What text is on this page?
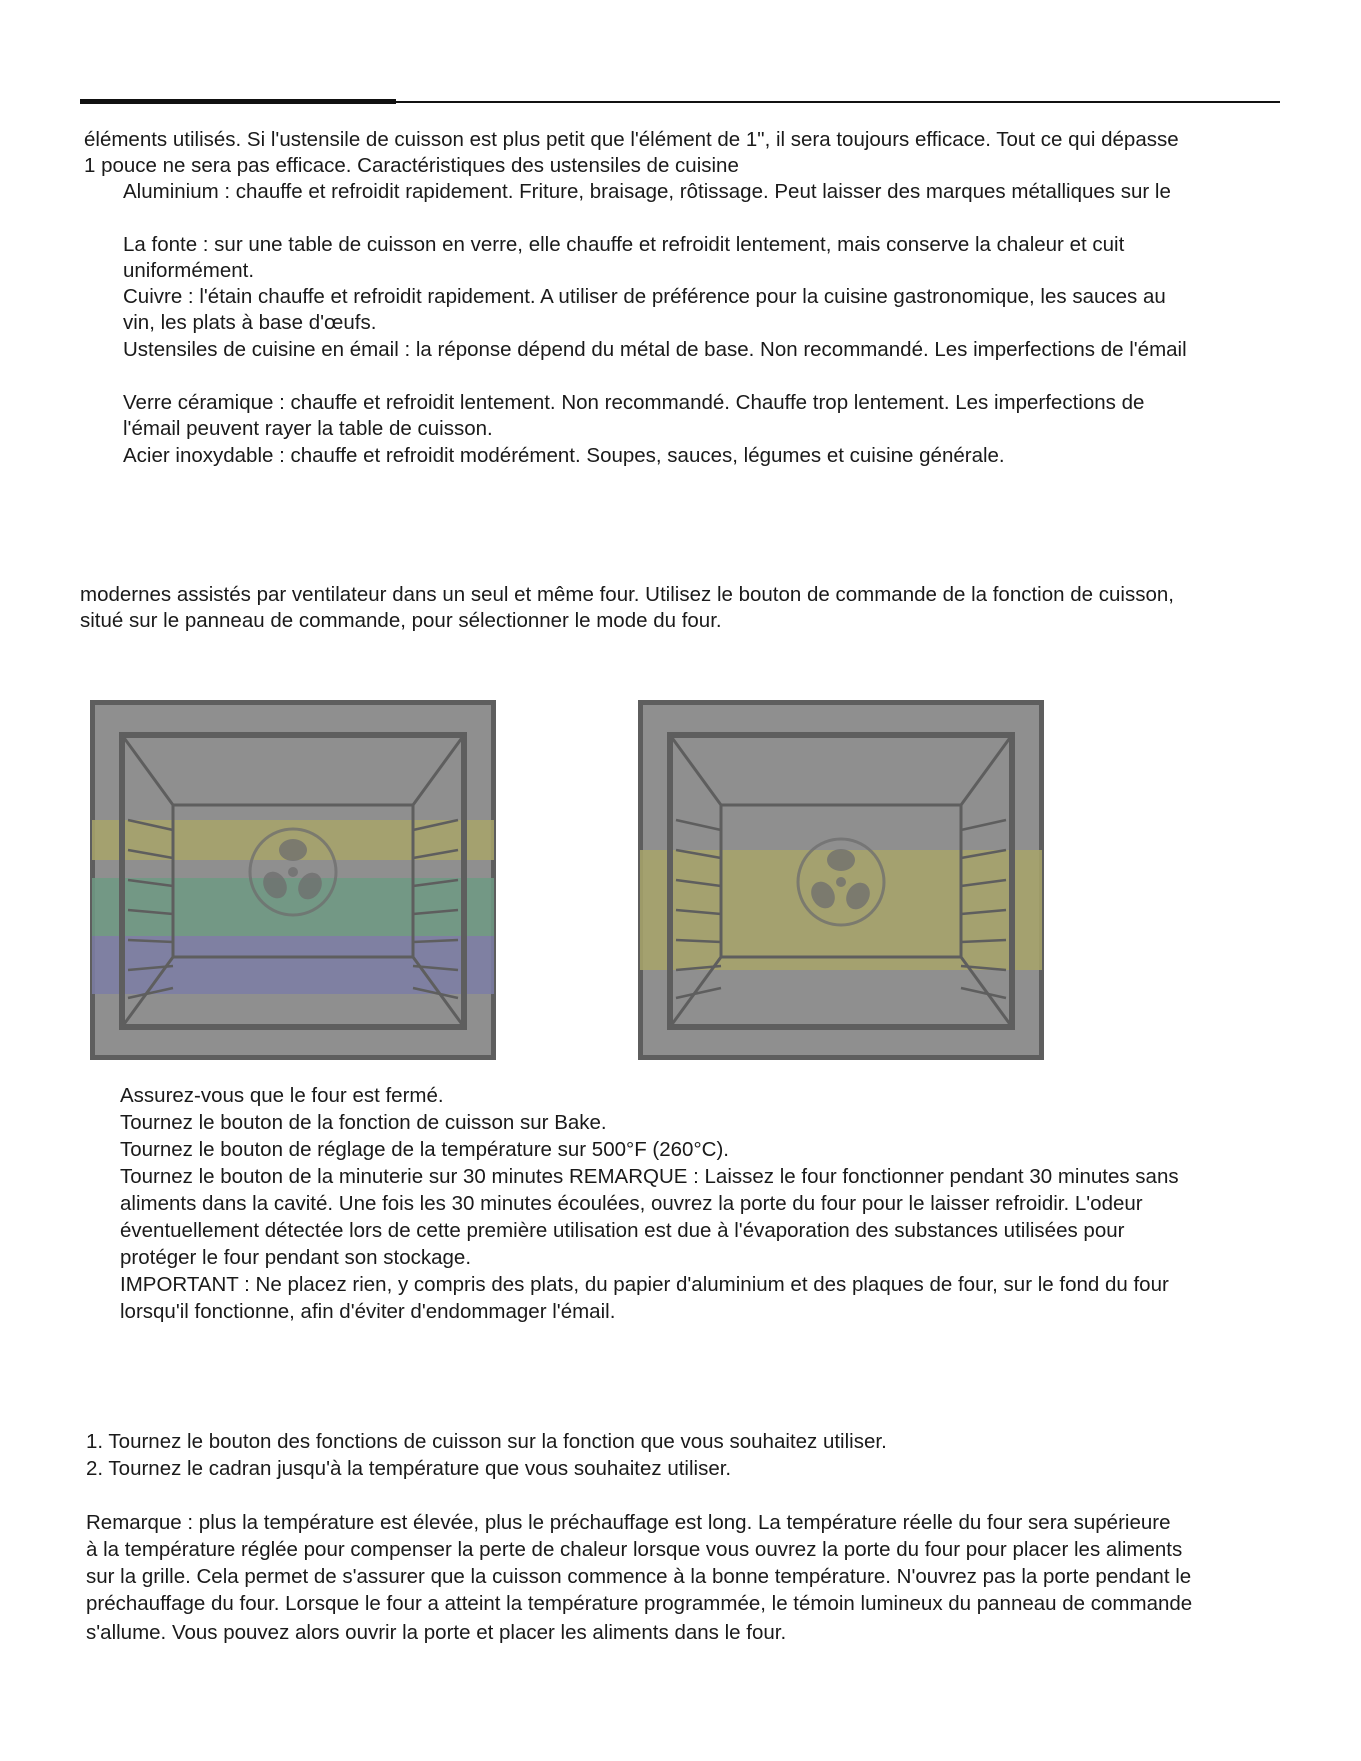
éléments utilisés. Si l'ustensile de cuisson est plus petit que l'élément de 1", il sera toujours efficace. Tout ce qui dépasse
1 pouce ne sera pas efficace. Caractéristiques des ustensiles de cuisine
Aluminium : chauffe et refroidit rapidement. Friture, braisage, rôtissage. Peut laisser des marques métalliques sur le
La fonte : sur une table de cuisson en verre, elle chauffe et refroidit lentement, mais conserve la chaleur et cuit
uniformément.
Cuivre : l'étain chauffe et refroidit rapidement. A utiliser de préférence pour la cuisine gastronomique, les sauces au
vin, les plats à base d'œufs.
Ustensiles de cuisine en émail : la réponse dépend du métal de base. Non recommandé. Les imperfections de l'émail
Verre céramique : chauffe et refroidit lentement. Non recommandé. Chauffe trop lentement. Les imperfections de
l'émail peuvent rayer la table de cuisson.
Acier inoxydable : chauffe et refroidit modérément. Soupes, sauces, légumes et cuisine générale.
modernes assistés par ventilateur dans un seul et même four. Utilisez le bouton de commande de la fonction de cuisson,
situé sur le panneau de commande, pour sélectionner le mode du four.
Assurez-vous que le four est fermé.
Tournez le bouton de la fonction de cuisson sur Bake.
Tournez le bouton de réglage de la température sur 500°F (260°C).
Tournez le bouton de la minuterie sur 30 minutes REMARQUE : Laissez le four fonctionner pendant 30 minutes sans
aliments dans la cavité. Une fois les 30 minutes écoulées, ouvrez la porte du four pour le laisser refroidir. L'odeur
éventuellement détectée lors de cette première utilisation est due à l'évaporation des substances utilisées pour
protéger le four pendant son stockage.
IMPORTANT : Ne placez rien, y compris des plats, du papier d'aluminium et des plaques de four, sur le fond du four
lorsqu'il fonctionne, afin d'éviter d'endommager l'émail.
1. Tournez le bouton des fonctions de cuisson sur la fonction que vous souhaitez utiliser.
2. Tournez le cadran jusqu'à la température que vous souhaitez utiliser.
Remarque : plus la température est élevée, plus le préchauffage est long. La température réelle du four sera supérieure
à la température réglée pour compenser la perte de chaleur lorsque vous ouvrez la porte du four pour placer les aliments
sur la grille. Cela permet de s'assurer que la cuisson commence à la bonne température. N'ouvrez pas la porte pendant le
préchauffage du four. Lorsque le four a atteint la température programmée, le témoin lumineux du panneau de commande
s'allume. Vous pouvez alors ouvrir la porte et placer les aliments dans le four.
